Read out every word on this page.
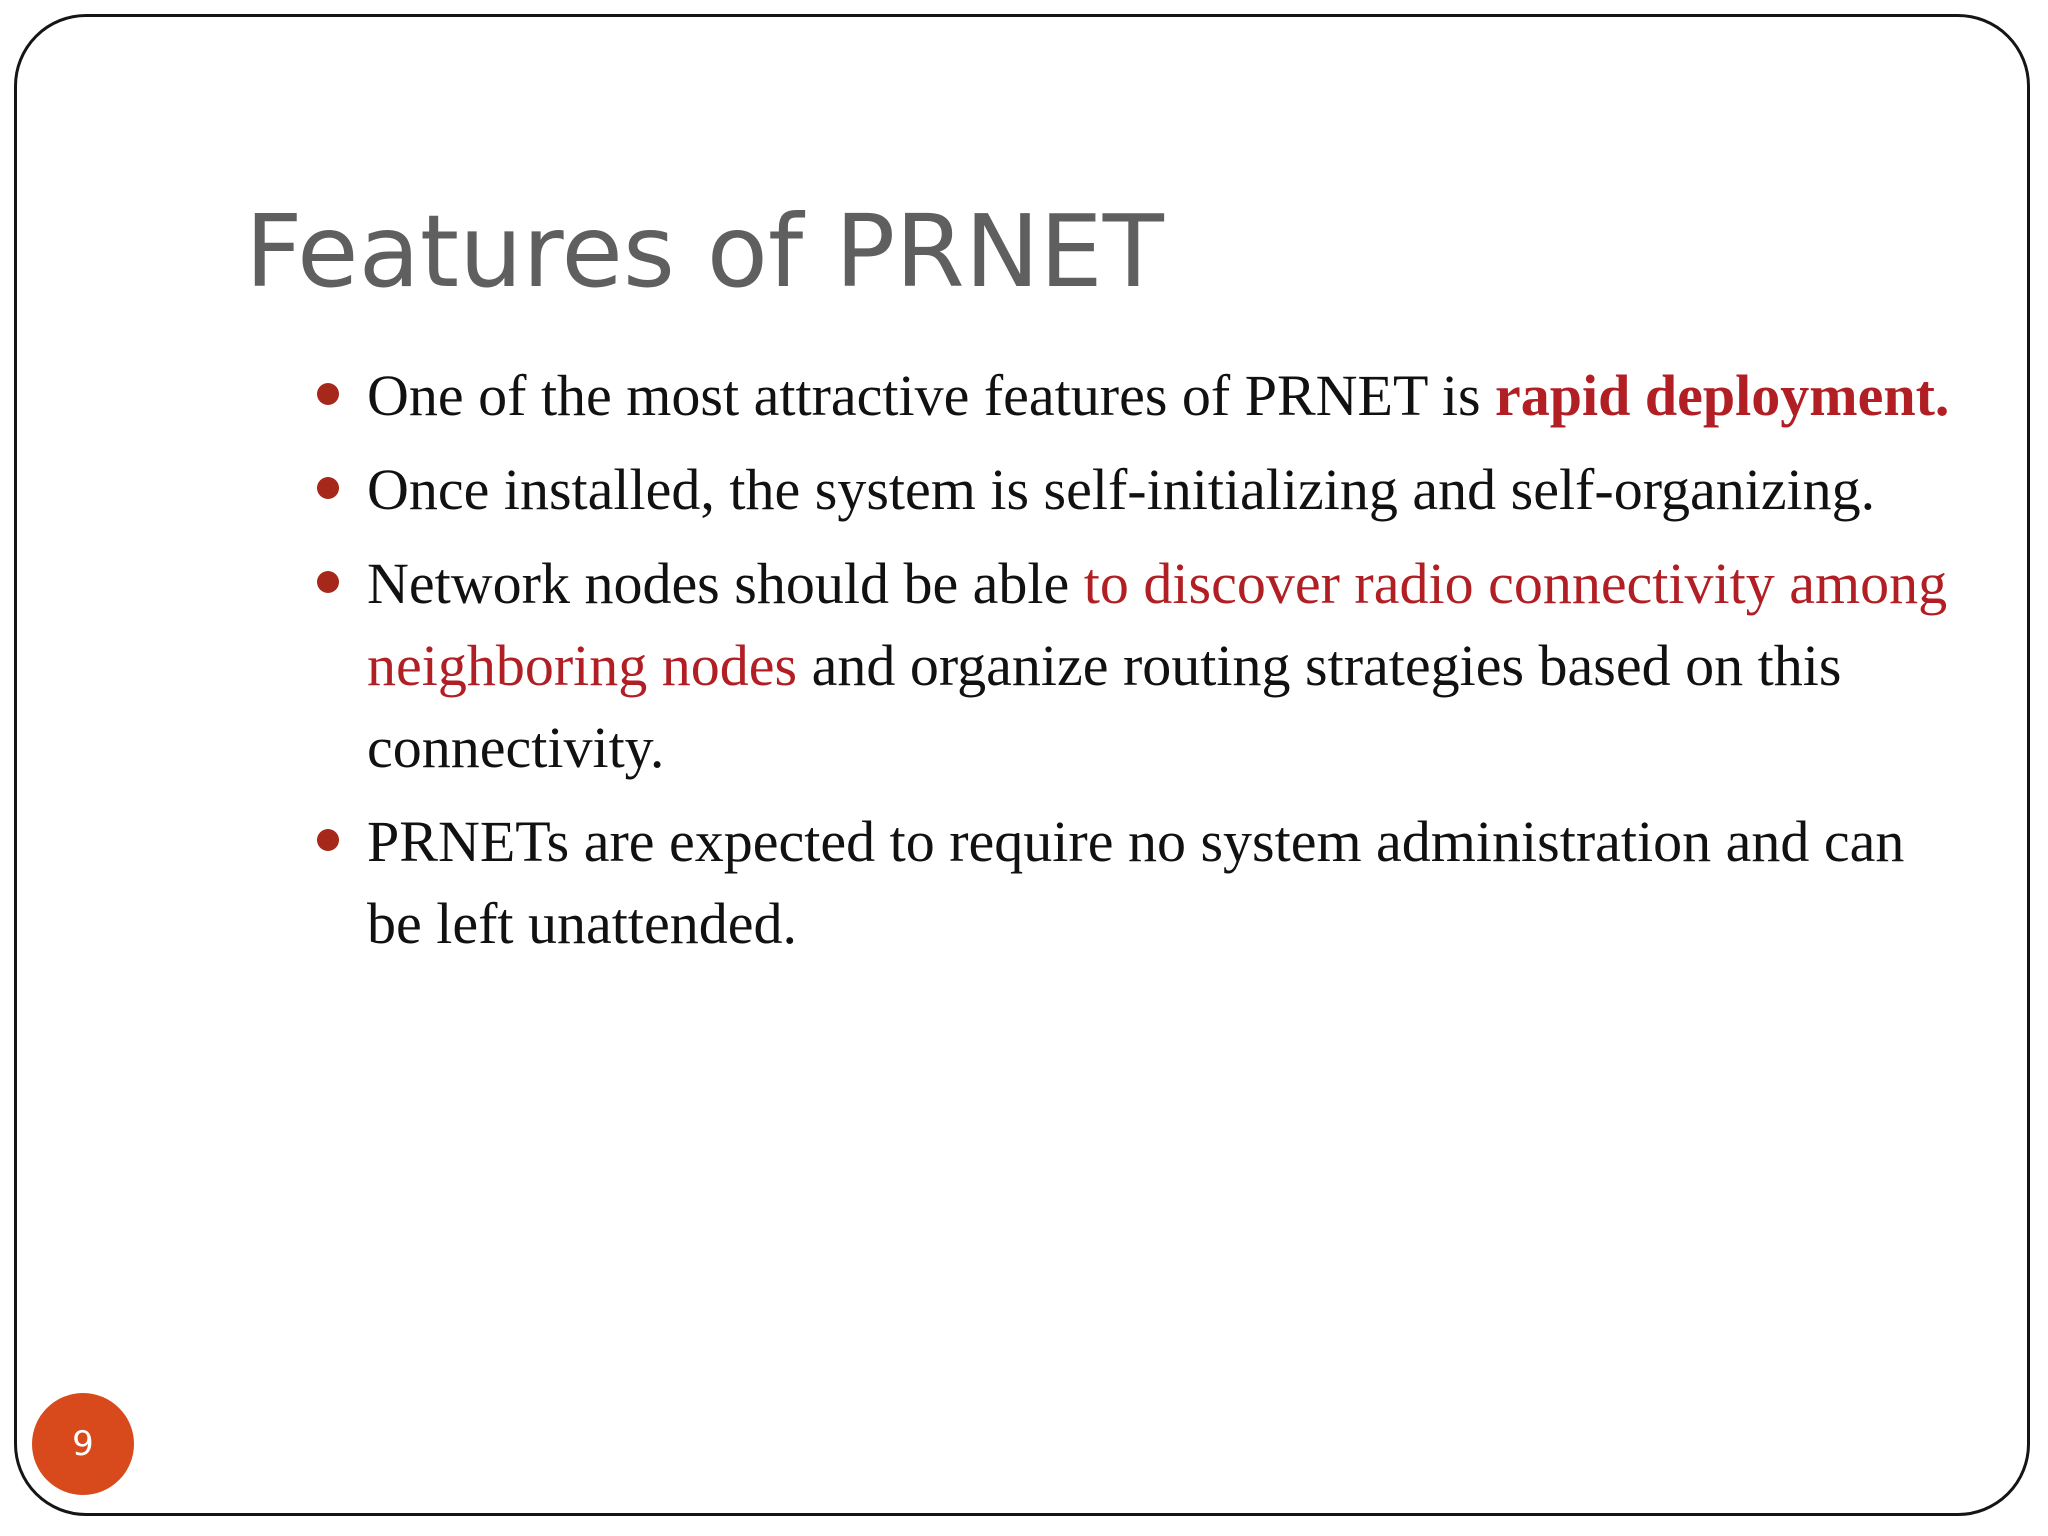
Features of PRNET
One of the most attractive features of PRNET is rapid deployment.
Once installed, the system is self-initializing and self-organizing.
Network nodes should be able to discover radio connectivity among neighboring nodes and organize routing strategies based on this connectivity.
PRNETs are expected to require no system administration and can be left unattended.
9
